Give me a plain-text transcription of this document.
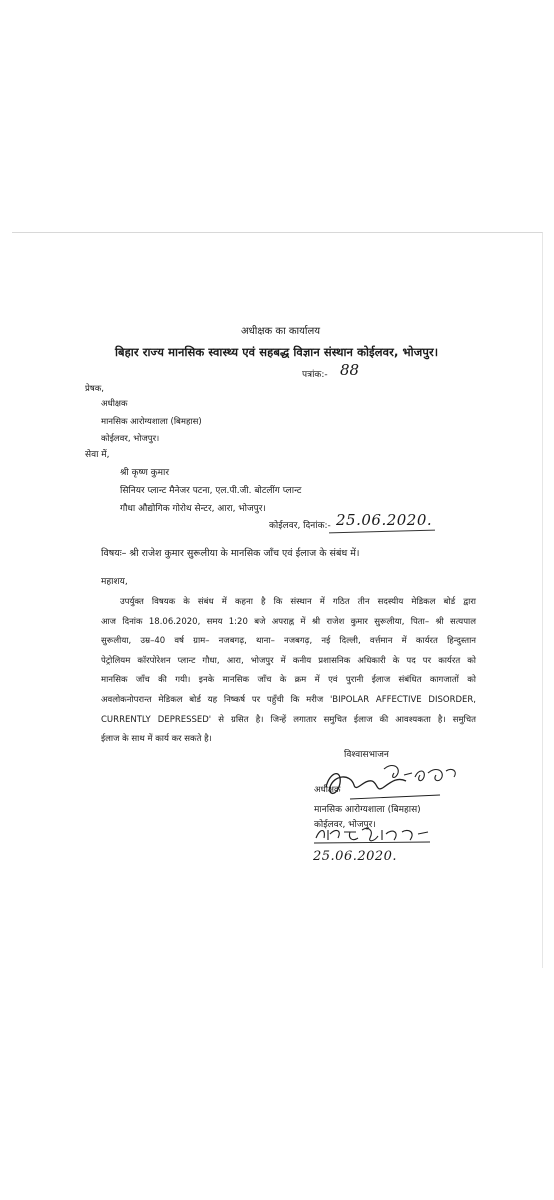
अधीक्षक का कार्यालय
बिहार राज्य मानसिक स्वास्थ्य एवं सहबद्ध विज्ञान संस्थान कोईलवर, भोजपुर।
पत्रांक:- 88
प्रेषक,
अधीक्षक
मानसिक आरोग्यशाला (बिमहास)
कोईलवर, भोजपुर।
सेवा में,
श्री कृष्ण कुमार
सिनियर प्लान्ट मैनेजर पटना, एल.पी.जी. बोटलींग प्लान्ट
गौधा औद्योगिक गोरोथ सेन्टर, आरा, भोजपुर।
कोईलवर, दिनांक:- 25.06.2020.
विषयः– श्री राजेश कुमार सुरूलीया के मानसिक जाँच एवं ईलाज के संबंध में।
महाशय,
उपर्युक्त विषयक के संबंध में कहना है कि संस्थान में गठित तीन सदस्यीय मेडिकल बोर्ड द्वारा
आज दिनांक 18.06.2020, समय 1:20 बजे अपराह्न में श्री राजेश कुमार सुरूलीया, पिता– श्री सत्यपाल
सुरूलीया, उम्र–40 वर्ष ग्राम– नजबगढ़, थाना– नजबगढ़, नई दिल्ली, वर्त्तमान में कार्यरत हिन्दुस्तान
पेट्रोलियम कॉरपोरेशन प्लान्ट गौधा, आरा, भोजपुर में कनीय प्रशासनिक अधिकारी के पद पर कार्यरत को
मानसिक जाँच की गयी। इनके मानसिक जाँच के क्रम में एवं पुरानी ईलाज संबंधित कागजातों को
अवलोकनोपरान्त मेडिकल बोर्ड यह निष्कर्ष पर पहुँची कि मरीज 'BIPOLAR AFFECTIVE DISORDER,
CURRENTLY DEPRESSED' से ग्रसित है। जिन्हें लगातार समुचित ईलाज की आवश्यकता है। समुचित
ईलाज के साथ में कार्य कर सकते है।
विश्वासभाजन
अधीक्षक
मानसिक आरोग्यशाला (बिमहास)
कोईलवर, भोजपुर।
25.06.2020.
